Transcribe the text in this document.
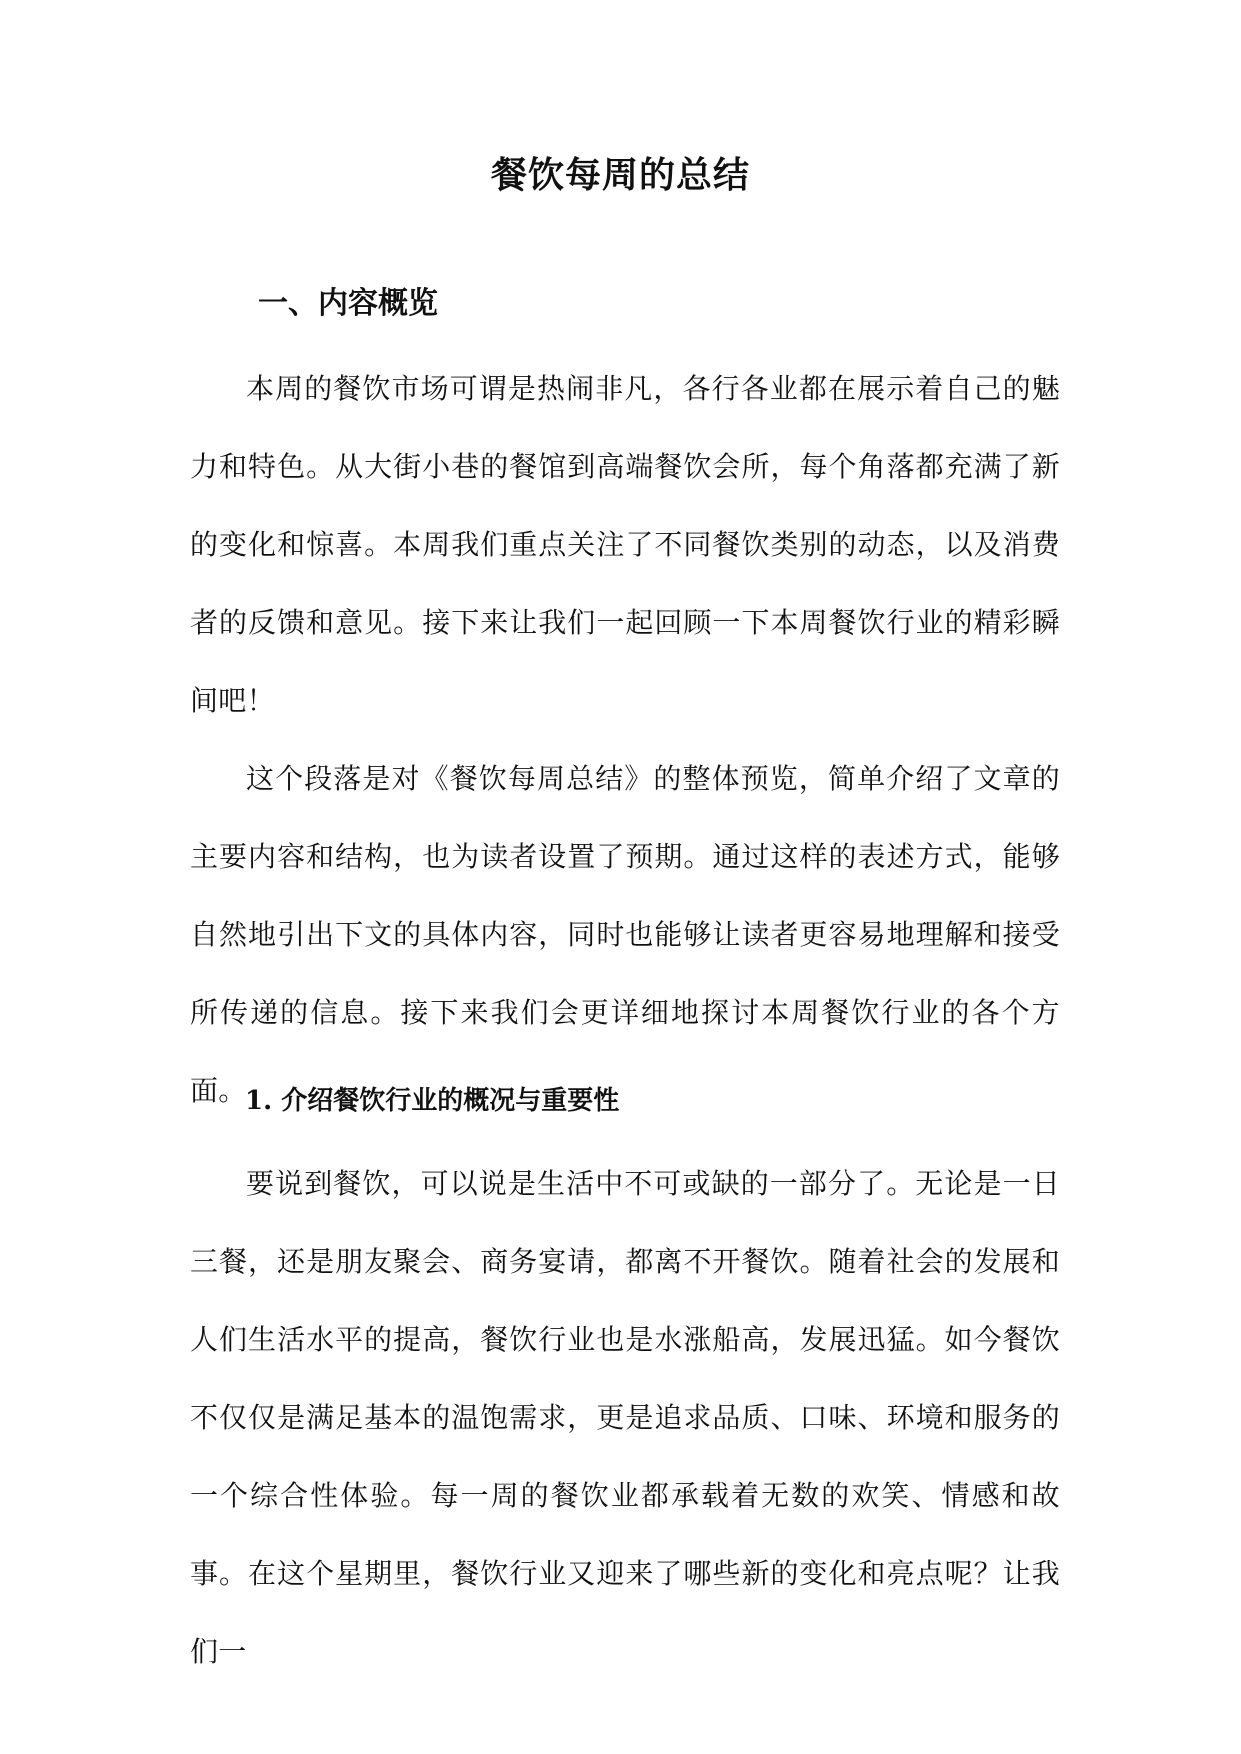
餐饮每周的总结
一、内容概览

本周的餐饮市场可谓是热闹非凡，各行各业都在展示着自己的魅力和特色。从大街小巷的餐馆到高端餐饮会所，每个角落都充满了新的变化和惊喜。本周我们重点关注了不同餐饮类别的动态，以及消费者的反馈和意见。接下来让我们一起回顾一下本周餐饮行业的精彩瞬间吧！

这个段落是对《餐饮每周总结》的整体预览，简单介绍了文章的主要内容和结构，也为读者设置了预期。通过这样的表述方式，能够自然地引出下文的具体内容，同时也能够让读者更容易地理解和接受所传递的信息。接下来我们会更详细地探讨本周餐饮行业的各个方面。

1. 介绍餐饮行业的概况与重要性

要说到餐饮，可以说是生活中不可或缺的一部分了。无论是一日三餐，还是朋友聚会、商务宴请，都离不开餐饮。随着社会的发展和人们生活水平的提高，餐饮行业也是水涨船高，发展迅猛。如今餐饮不仅仅是满足基本的温饱需求，更是追求品质、口味、环境和服务的一个综合性体验。每一周的餐饮业都承载着无数的欢笑、情感和故事。在这个星期里，餐饮行业又迎来了哪些新的变化和亮点呢？让我们一
